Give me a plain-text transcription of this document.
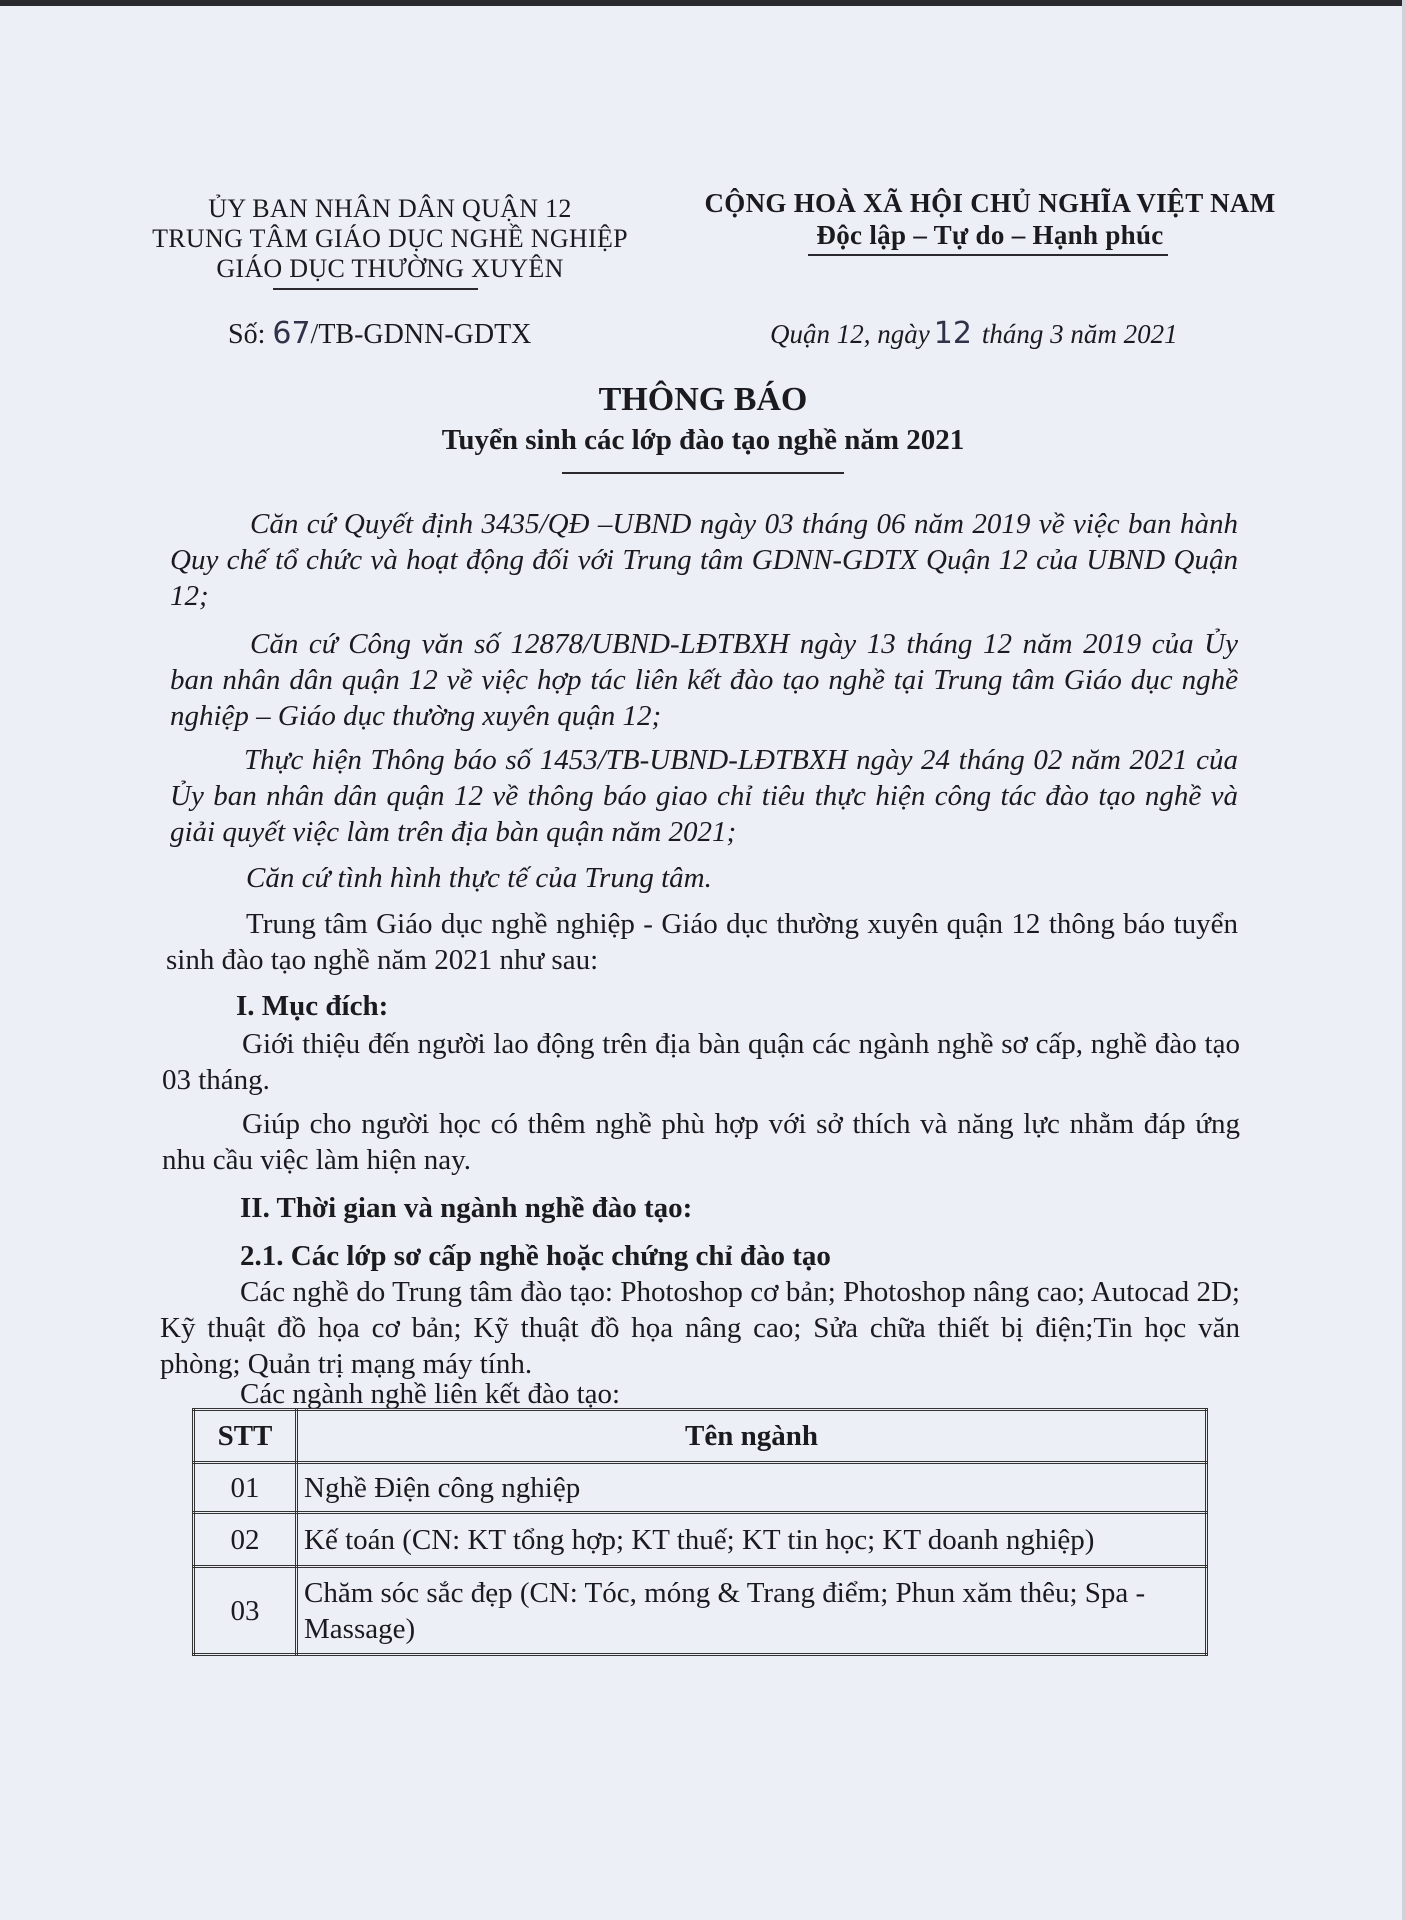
ỦY BAN NHÂN DÂN QUẬN 12
TRUNG TÂM GIÁO DỤC NGHỀ NGHIỆP
GIÁO DỤC THƯỜNG XUYÊN
CỘNG HOÀ XÃ HỘI CHỦ NGHĨA VIỆT NAM
Độc lập – Tự do – Hạnh phúc
Số: 67/TB-GDNN-GDTX	Quận 12, ngày 12 tháng 3 năm 2021
THÔNG BÁO
Tuyển sinh các lớp đào tạo nghề năm 2021
Căn cứ Quyết định 3435/QĐ –UBND ngày 03 tháng 06 năm 2019 về việc ban hành Quy chế tổ chức và hoạt động đối với Trung tâm GDNN-GDTX Quận 12 của UBND Quận 12;
Căn cứ Công văn số 12878/UBND-LĐTBXH ngày 13 tháng 12 năm 2019 của Ủy ban nhân dân quận 12 về việc hợp tác liên kết đào tạo nghề tại Trung tâm Giáo dục nghề nghiệp – Giáo dục thường xuyên quận 12;
Thực hiện Thông báo số 1453/TB-UBND-LĐTBXH ngày 24 tháng 02 năm 2021 của Ủy ban nhân dân quận 12 về thông báo giao chỉ tiêu thực hiện công tác đào tạo nghề và giải quyết việc làm trên địa bàn quận năm 2021;
Căn cứ tình hình thực tế của Trung tâm.
Trung tâm Giáo dục nghề nghiệp - Giáo dục thường xuyên quận 12 thông báo tuyển sinh đào tạo nghề năm 2021 như sau:
I. Mục đích:
Giới thiệu đến người lao động trên địa bàn quận các ngành nghề sơ cấp, nghề đào tạo 03 tháng.
Giúp cho người học có thêm nghề phù hợp với sở thích và năng lực nhằm đáp ứng nhu cầu việc làm hiện nay.
II. Thời gian và ngành nghề đào tạo:
2.1. Các lớp sơ cấp nghề hoặc chứng chỉ đào tạo
Các nghề do Trung tâm đào tạo: Photoshop cơ bản; Photoshop nâng cao; Autocad 2D; Kỹ thuật đồ họa cơ bản; Kỹ thuật đồ họa nâng cao; Sửa chữa thiết bị điện;Tin học văn phòng; Quản trị mạng máy tính.
Các ngành nghề liên kết đào tạo:
STT	Tên ngành
01	Nghề Điện công nghiệp
02	Kế toán (CN: KT tổng hợp; KT thuế; KT tin học; KT doanh nghiệp)
03	Chăm sóc sắc đẹp (CN: Tóc, móng & Trang điểm; Phun xăm thêu; Spa - Massage)
